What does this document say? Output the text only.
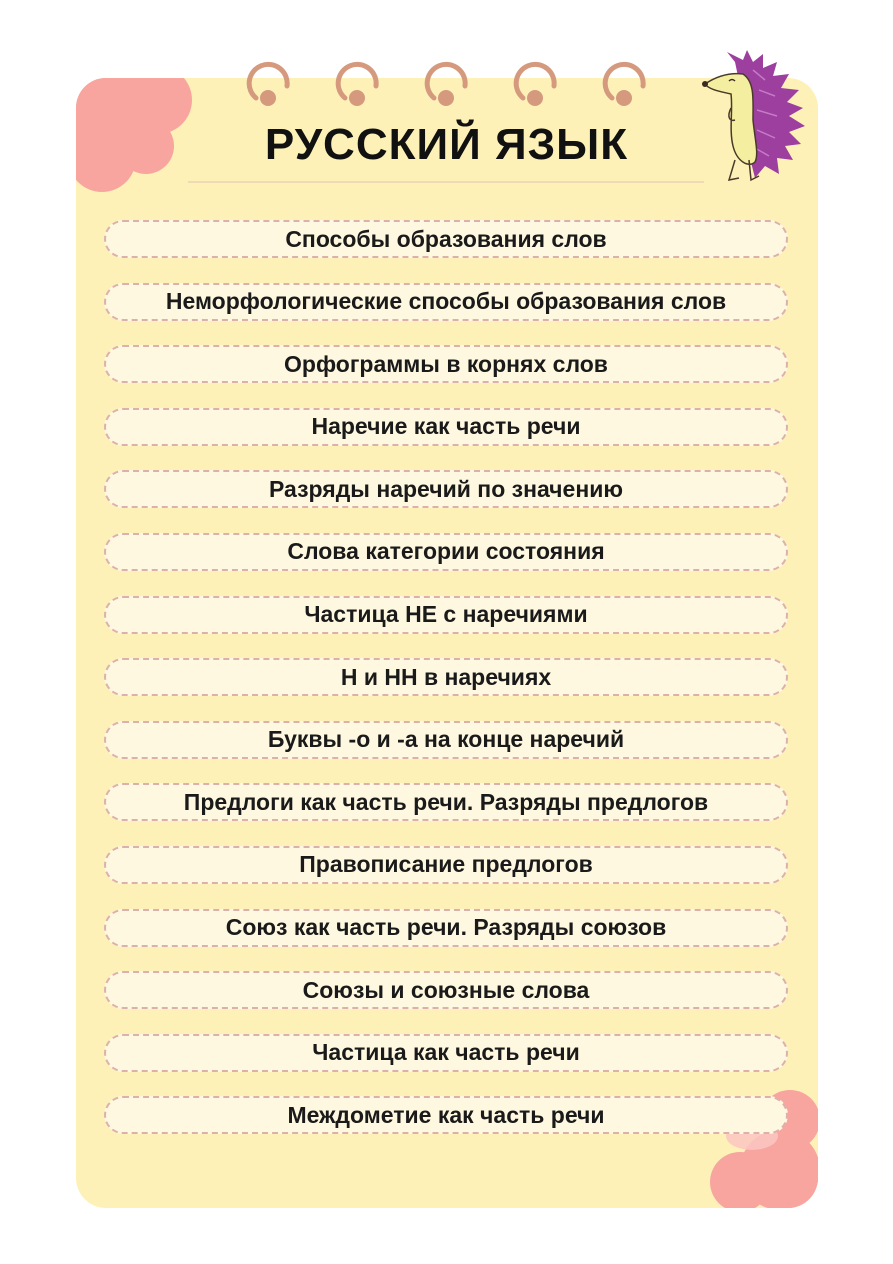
РУССКИЙ ЯЗЫК
Способы образования слов
Неморфологические способы образования слов
Орфограммы в корнях слов
Наречие как часть речи
Разряды наречий по значению
Слова категории состояния
Частица НЕ с наречиями
Н и НН в наречиях
Буквы -о и -а на конце наречий
Предлоги как часть речи. Разряды предлогов
Правописание предлогов
Союз как часть речи. Разряды союзов
Союзы и союзные слова
Частица как часть речи
Междометие как часть речи
